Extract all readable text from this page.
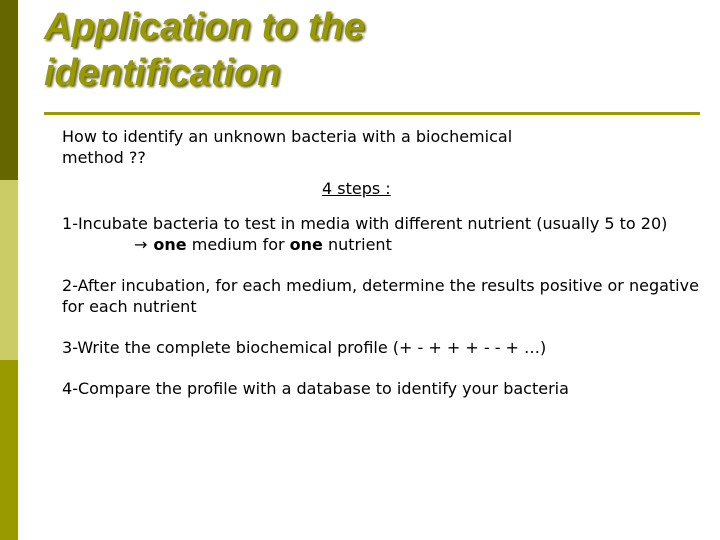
Application to the
identification

How to identify an unknown bacteria with a biochemical method ??

4 steps :

1-Incubate bacteria to test in media with different nutrient (usually 5 to 20)
→ one medium for one nutrient
2-After incubation, for each medium, determine the results positive or negative for each nutrient
3-Write the complete biochemical profile (+ - + + + - - + …)
4-Compare the profile with a database to identify your bacteria
